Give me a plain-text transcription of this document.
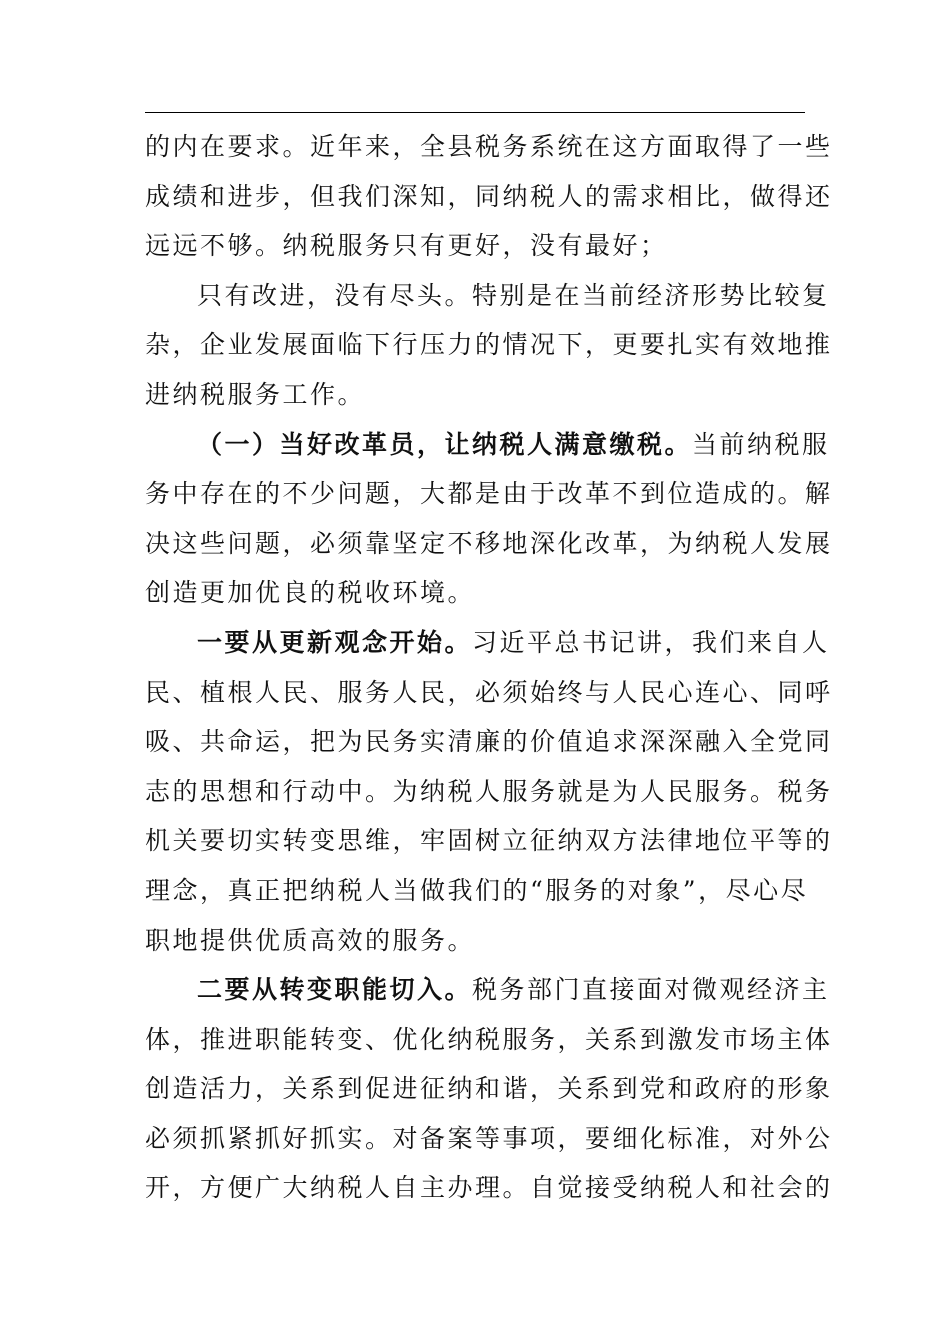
的内在要求。近年来，全县税务系统在这方面取得了一些
成绩和进步，但我们深知，同纳税人的需求相比，做得还
远远不够。纳税服务只有更好，没有最好；
只有改进，没有尽头。特别是在当前经济形势比较复
杂，企业发展面临下行压力的情况下，更要扎实有效地推
进纳税服务工作。
（一）当好改革员，让纳税人满意缴税。当前纳税服
务中存在的不少问题，大都是由于改革不到位造成的。解
决这些问题，必须靠坚定不移地深化改革，为纳税人发展
创造更加优良的税收环境。
一要从更新观念开始。习近平总书记讲，我们来自人
民、植根人民、服务人民，必须始终与人民心连心、同呼
吸、共命运，把为民务实清廉的价值追求深深融入全党同
志的思想和行动中。为纳税人服务就是为人民服务。税务
机关要切实转变思维，牢固树立征纳双方法律地位平等的
理念，真正把纳税人当做我们的“服务的对象”，尽心尽
职地提供优质高效的服务。
二要从转变职能切入。税务部门直接面对微观经济主
体，推进职能转变、优化纳税服务，关系到激发市场主体
创造活力，关系到促进征纳和谐，关系到党和政府的形象
必须抓紧抓好抓实。对备案等事项，要细化标准，对外公
开，方便广大纳税人自主办理。自觉接受纳税人和社会的
